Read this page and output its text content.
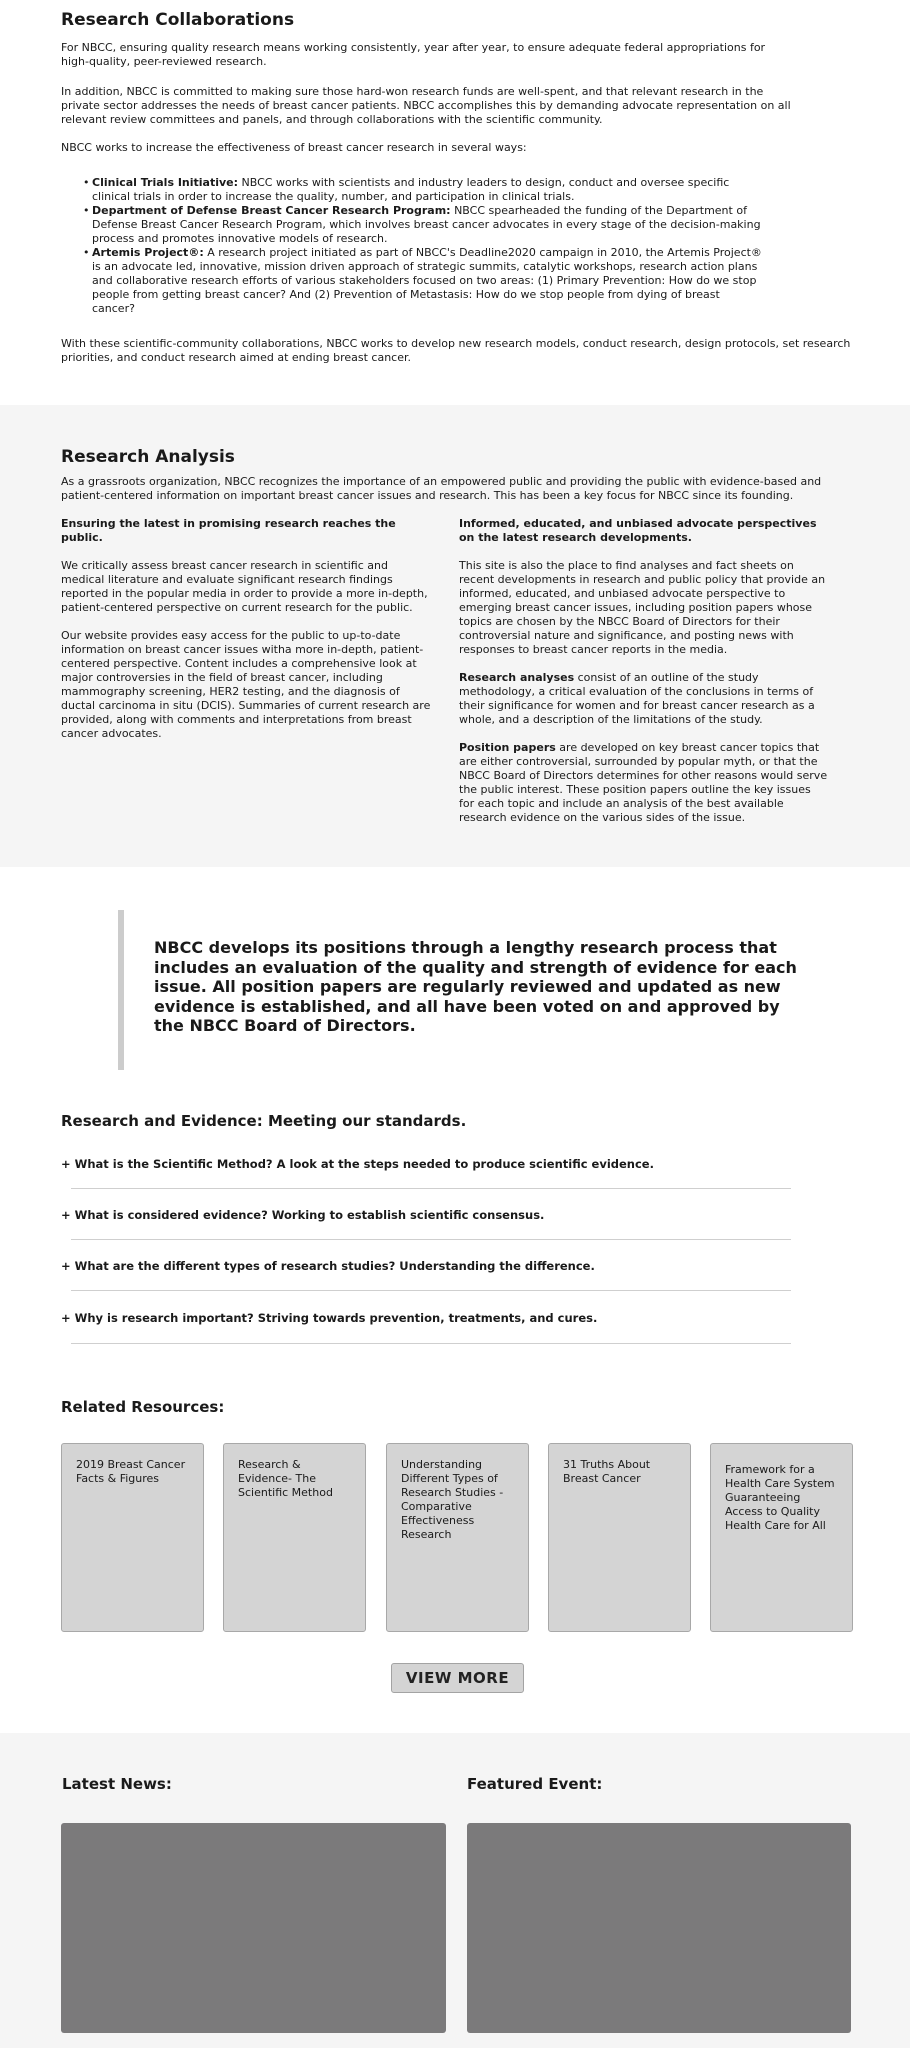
Research Collaborations

For NBCC, ensuring quality research means working consistently, year after year, to ensure adequate federal appropriations for high-quality, peer-reviewed research.

In addition, NBCC is committed to making sure those hard-won research funds are well-spent, and that relevant research in the private sector addresses the needs of breast cancer patients. NBCC accomplishes this by demanding advocate representation on all relevant review committees and panels, and through collaborations with the scientific community.

NBCC works to increase the effectiveness of breast cancer research in several ways:

• Clinical Trials Initiative: NBCC works with scientists and industry leaders to design, conduct and oversee specific clinical trials in order to increase the quality, number, and participation in clinical trials.
• Department of Defense Breast Cancer Research Program: NBCC spearheaded the funding of the Department of Defense Breast Cancer Research Program, which involves breast cancer advocates in every stage of the decision-making process and promotes innovative models of research.
• Artemis Project®: A research project initiated as part of NBCC's Deadline2020 campaign in 2010, the Artemis Project® is an advocate led, innovative, mission driven approach of strategic summits, catalytic workshops, research action plans and collaborative research efforts of various stakeholders focused on two areas: (1) Primary Prevention: How do we stop people from getting breast cancer? And (2) Prevention of Metastasis: How do we stop people from dying of breast cancer?

With these scientific-community collaborations, NBCC works to develop new research models, conduct research, design protocols, set research priorities, and conduct research aimed at ending breast cancer.

Research Analysis

As a grassroots organization, NBCC recognizes the importance of an empowered public and providing the public with evidence-based and patient-centered information on important breast cancer issues and research. This has been a key focus for NBCC since its founding.

Ensuring the latest in promising research reaches the public.

We critically assess breast cancer research in scientific and medical literature and evaluate significant research findings reported in the popular media in order to provide a more in-depth, patient-centered perspective on current research for the public.

Our website provides easy access for the public to up-to-date information on breast cancer issues witha more in-depth, patient-centered perspective. Content includes a comprehensive look at major controversies in the field of breast cancer, including mammography screening, HER2 testing, and the diagnosis of ductal carcinoma in situ (DCIS). Summaries of current research are provided, along with comments and interpretations from breast cancer advocates.

Informed, educated, and unbiased advocate perspectives on the latest research developments.

This site is also the place to find analyses and fact sheets on recent developments in research and public policy that provide an informed, educated, and unbiased advocate perspective to emerging breast cancer issues, including position papers whose topics are chosen by the NBCC Board of Directors for their controversial nature and significance, and posting news with responses to breast cancer reports in the media.

Research analyses consist of an outline of the study methodology, a critical evaluation of the conclusions in terms of their significance for women and for breast cancer research as a whole, and a description of the limitations of the study.

Position papers are developed on key breast cancer topics that are either controversial, surrounded by popular myth, or that the NBCC Board of Directors determines for other reasons would serve the public interest. These position papers outline the key issues for each topic and include an analysis of the best available research evidence on the various sides of the issue.

NBCC develops its positions through a lengthy research process that includes an evaluation of the quality and strength of evidence for each issue. All position papers are regularly reviewed and updated as new evidence is established, and all have been voted on and approved by the NBCC Board of Directors.

Research and Evidence: Meeting our standards.
+ What is the Scientific Method? A look at the steps needed to produce scientific evidence.
+ What is considered evidence? Working to establish scientific consensus.
+ What are the different types of research studies? Understanding the difference.
+ Why is research important? Striving towards prevention, treatments, and cures.
Related Resources:
2019 Breast Cancer Facts & Figures
Research & Evidence- The Scientific Method
Understanding Different Types of Research Studies - Comparative Effectiveness Research
31 Truths About Breast Cancer
Framework for a Health Care System Guaranteeing Access to Quality Health Care for All
VIEW MORE
Latest News:	Featured Event:
